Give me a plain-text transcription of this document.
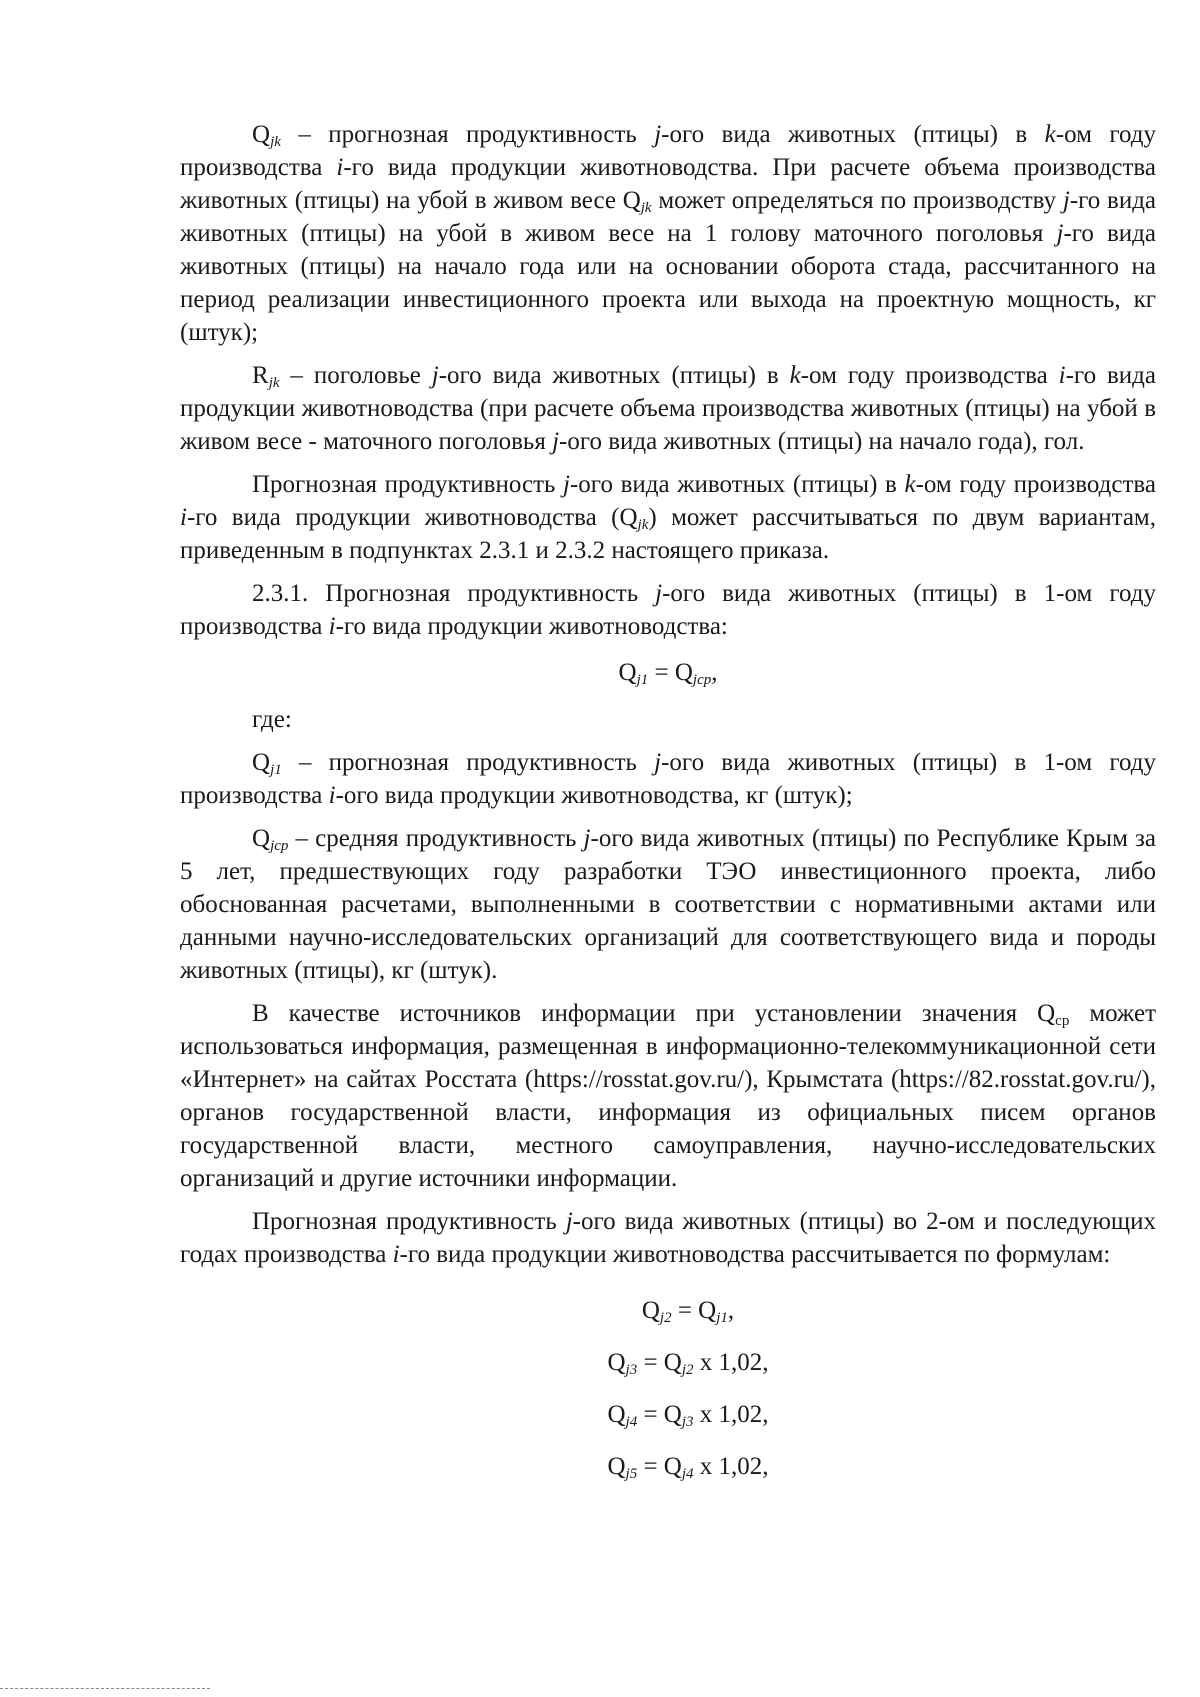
$Q_{jk}$ – прогнозная продуктивность j-ого вида животных (птицы) в k-ом году производства i-го вида продукции животноводства. При расчете объема производства животных (птицы) на убой в живом весе $Q_{jk}$ может определяться по производству j-го вида животных (птицы) на убой в живом весе на 1 голову маточного поголовья j-го вида животных (птицы) на начало года или на основании оборота стада, рассчитанного на период реализации инвестиционного проекта или выхода на проектную мощность, кг (штук);

$R_{jk}$ – поголовье j-ого вида животных (птицы) в k-ом году производства i-го вида продукции животноводства (при расчете объема производства животных (птицы) на убой в живом весе - маточного поголовья j-ого вида животных (птицы) на начало года), гол.

Прогнозная продуктивность j-ого вида животных (птицы) в k-ом году производства i-го вида продукции животноводства $(Q_{jk})$ может рассчитываться по двум вариантам, приведенным в подпунктах 2.3.1 и 2.3.2 настоящего приказа.

2.3.1. Прогнозная продуктивность j-ого вида животных (птицы) в 1-ом году производства i-го вида продукции животноводства:

$Q_{j1} = Q_{jср}$,

где:

$Q_{j1}$ – прогнозная продуктивность j-ого вида животных (птицы) в 1-ом году производства i-ого вида продукции животноводства, кг (штук);

$Q_{jср}$ – средняя продуктивность j-ого вида животных (птицы) по Республике Крым за 5 лет, предшествующих году разработки ТЭО инвестиционного проекта, либо обоснованная расчетами, выполненными в соответствии с нормативными актами или данными научно-исследовательских организаций для соответствующего вида и породы животных (птицы), кг (штук).

В качестве источников информации при установлении значения $Q_{ср}$ может использоваться информация, размещенная в информационно-телекоммуникационной сети «Интернет» на сайтах Росстата (https://rosstat.gov.ru/), Крымстата (https://82.rosstat.gov.ru/), органов государственной власти, информация из официальных писем органов государственной власти, местного самоуправления, научно-исследовательских организаций и другие источники информации.

Прогнозная продуктивность j-ого вида животных (птицы) во 2-ом и последующих годах производства i-го вида продукции животноводства рассчитывается по формулам:

$Q_{j2} = Q_{j1}$,
$Q_{j3} = Q_{j2}$ х 1,02,
$Q_{j4} = Q_{j3}$ х 1,02,
$Q_{j5} = Q_{j4}$ х 1,02,
